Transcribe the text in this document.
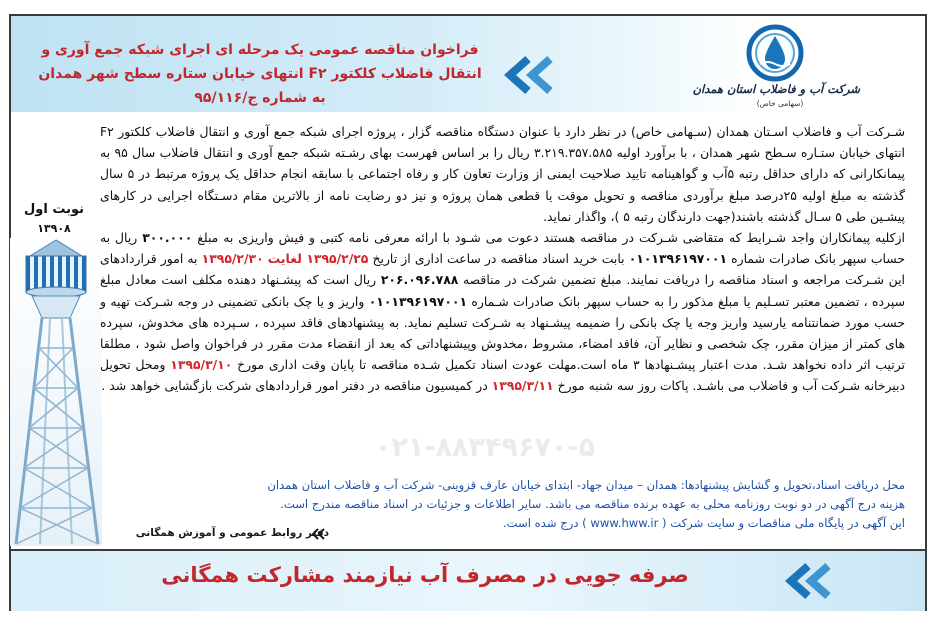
فراخوان مناقصه عمومی یک مرحله ای اجرای شبکه جمع آوری و
انتقال فاضلاب کلکتور F۲ انتهای خیابان ستاره سطح شهر همدان
به شماره ج/۹۵/۱۱۶
شرکت آب و فاضلاب استان همدان
(سهامی خاص)
نوبت اول
۱۳۹۰۸
۰۲۱-۸۸۳۴۹۶۷۰-۵

شـرکت آب و فاضلاب اسـتان همدان (سـهامی خاص) در نظر دارد با عنوان دستگاه مناقصه گزار ، پروژه اجرای شبکه جمع آوری و انتقال فاضلاب کلکتور F۲ انتهای خیابان ستـاره سـطح شهر همدان ، با برآورد اولیه ۳.۲۱۹.۳۵۷.۵۸۵ ریال را بر اساس فهرست بهای رشـته شبکه جمع آوری و انتقال فاضلاب سال ۹۵ به پیمانکارانی که دارای حداقل رتبه ۵آب و گواهینامه تایید صلاحیت ایمنی از وزارت تعاون کار و رفاه اجتماعی با سابقه انجام حداقل یک پروژه مرتبط در ۵ سال گذشته به مبلغ اولیه ۲۵درصد مبلغ برآوردی مناقصه و تحویل موقت یا قطعی همان پروژه و نیز دو رضایت نامه از بالاترین مقام دسـتگاه اجرایی در کارهای پیشـین طی ۵ سـال گذشته باشند(جهت دارندگان رتبه ۵ )، واگذار نماید.

ازکلیه پیمانکاران واجد شـرایط که متقاضی شـرکت در مناقصه هستند دعوت می شـود با ارائه معرفی نامه کتبی و فیش واریزی به مبلغ ۳۰۰.۰۰۰ ریال به حساب سپهر بانک صادرات شماره ۰۱۰۱۳۹۶۱۹۷۰۰۱ بابت خرید اسناد مناقصه در ساعت اداری از تاریخ ۱۳۹۵/۲/۲۵ لغایت ۱۳۹۵/۲/۳۰ به امور قراردادهای این شـرکت مراجعه و اسناد مناقصه را دریافت نمایند. مبلغ تضمین شرکت در مناقصه ۲۰۶.۰۹۶.۷۸۸ ریال است که پیشـنهاد دهنده مکلف است معادل مبلغ سپرده ، تضمین معتبر تسـلیم یا مبلغ مذکور را به حساب سپهر بانک صادرات شـماره ۰۱۰۱۳۹۶۱۹۷۰۰۱ واریز و یا چک بانکی تضمینی در وجه شـرکت تهیه و حسب مورد ضمانتنامه یارسید واریز وجه یا چک بانکی را ضمیمه پیشـنهاد به شـرکت تسلیم نماید. به پیشنهادهای فاقد سپرده ، سـپرده های مخدوش، سپرده های کمتر از میزان مقرر، چک شخصی و نظایر آن، فاقد امضاء، مشروط ،مخدوش وپیشنهاداتی که بعد از انقضاء مدت مقرر در فراخوان واصل شود ، مطلقا ترتیب اثر داده نخواهد شـد. مدت اعتبار پیشـنهادها ۳ ماه است.مهلت عودت اسناد تکمیل شـده مناقصه تا پایان وقت اداری مورخ ۱۳۹۵/۳/۱۰ ومحل تحویل دبیرخانه شـرکت آب و فاضلاب می باشـد. پاکات روز سه شنبه مورخ ۱۳۹۵/۳/۱۱ در کمیسیون مناقصه در دفتر امور قراردادهای شرکت بازگشایی خواهد شد .

محل دریافت اسناد،تحویل و گشایش پیشنهادها: همدان – میدان جهاد- ابتدای خیابان عارف قزوینی- شرکت آب و فاضلاب استان همدان
هزینه درج آگهی در دو نوبت روزنامه محلی به عهده برنده مناقصه می باشد. سایر اطلاعات و جزئیات در اسناد مناقصه مندرج است.
این آگهی در پایگاه ملی مناقصات و سایت شرکت ( www.hww.ir ) درج شده است.
دفتر روابط عمومی و آموزش همگانی
صرفه جویی در مصرف آب نیازمند مشارکت همگانی
